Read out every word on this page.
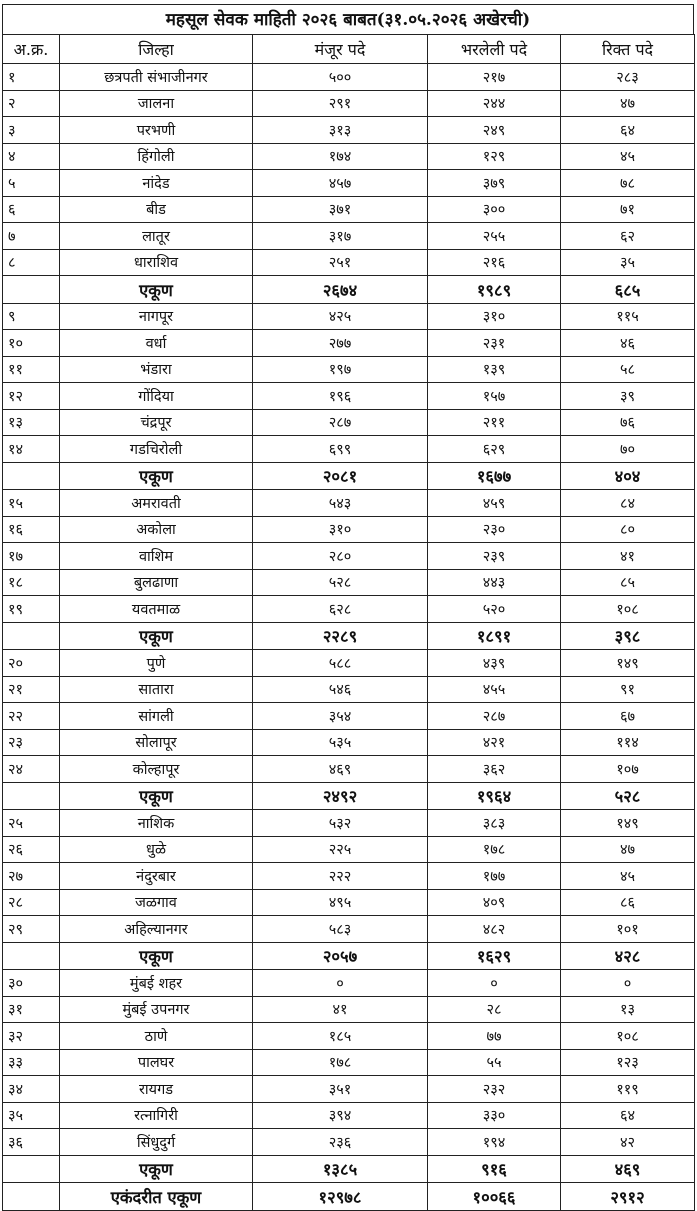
महसूल सेवक माहिती २०२६ बाबत(३१.०५.२०२६ अखेरची)
अ.क्र.	जिल्हा	मंजूर पदे	भरलेली पदे	रिक्त पदे
१	छत्रपती संभाजीनगर	५००	२१७	२८३
२	जालना	२९१	२४४	४७
३	परभणी	३१३	२४९	६४
४	हिंगोली	१७४	१२९	४५
५	नांदेड	४५७	३७९	७८
६	बीड	३७१	३००	७१
७	लातूर	३१७	२५५	६२
८	धाराशिव	२५१	२१६	३५
	एकूण	२६७४	१९८९	६८५
९	नागपूर	४२५	३१०	११५
१०	वर्धा	२७७	२३१	४६
११	भंडारा	१९७	१३९	५८
१२	गोंदिया	१९६	१५७	३९
१३	चंद्रपूर	२८७	२११	७६
१४	गडचिरोली	६९९	६२९	७०
	एकूण	२०८१	१६७७	४०४
१५	अमरावती	५४३	४५९	८४
१६	अकोला	३१०	२३०	८०
१७	वाशिम	२८०	२३९	४१
१८	बुलढाणा	५२८	४४३	८५
१९	यवतमाळ	६२८	५२०	१०८
	एकूण	२२८९	१८९१	३९८
२०	पुणे	५८८	४३९	१४९
२१	सातारा	५४६	४५५	९१
२२	सांगली	३५४	२८७	६७
२३	सोलापूर	५३५	४२१	११४
२४	कोल्हापूर	४६९	३६२	१०७
	एकूण	२४९२	१९६४	५२८
२५	नाशिक	५३२	३८३	१४९
२६	धुळे	२२५	१७८	४७
२७	नंदुरबार	२२२	१७७	४५
२८	जळगाव	४९५	४०९	८६
२९	अहिल्यानगर	५८३	४८२	१०१
	एकूण	२०५७	१६२९	४२८
३०	मुंबई शहर	०	०	०
३१	मुंबई उपनगर	४१	२८	१३
३२	ठाणे	१८५	७७	१०८
३३	पालघर	१७८	५५	१२३
३४	रायगड	३५१	२३२	११९
३५	रत्नागिरी	३९४	३३०	६४
३६	सिंधुदुर्ग	२३६	१९४	४२
	एकूण	१३८५	९१६	४६९
	एकंदरीत एकूण	१२९७८	१००६६	२९१२
